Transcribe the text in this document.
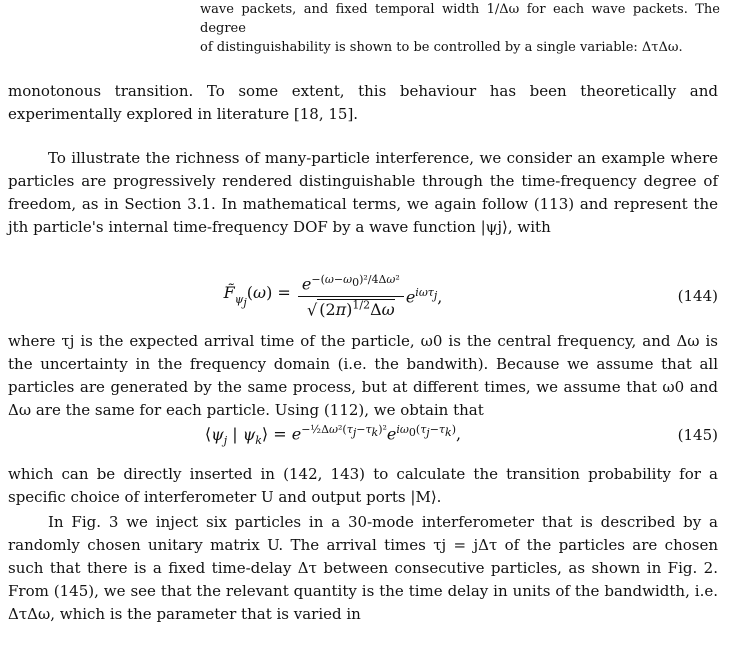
wave packets, and fixed temporal width 1/Δω for each wave packets. The degree
of distinguishability is shown to be controlled by a single variable: ΔτΔω.

monotonous transition. To some extent, this behaviour has been theoretically and experimentally explored in literature [18, 15].

To illustrate the richness of many-particle interference, we consider an example where particles are progressively rendered distinguishable through the time-frequency degree of freedom, as in Section 3.1. In mathematical terms, we again follow (113) and represent the jth particle's internal time-frequency DOF by a wave function |ψj⟩, with

$F̃_{\psi_j}(\omega) = \frac{e^{-(\omega-\omega_0)^2/4\Delta\omega^2}}{√ (2\pi)^{1/2}\Delta\omega} e^{i\omega\tau_j}$,	(144)

where τj is the expected arrival time of the particle, ω0 is the central frequency, and Δω is the uncertainty in the frequency domain (i.e. the bandwith). Because we assume that all particles are generated by the same process, but at different times, we assume that ω0 and Δω are the same for each particle. Using (112), we obtain that

$⟨\psi_j$ | $\psi_k⟩ = e^{-\frac{1}{2}\Delta\omega^2(\tau_j-\tau_k)^2}e^{i\omega_0(\tau_j-\tau_k)}$,	(145)

which can be directly inserted in (142, 143) to calculate the transition probability for a specific choice of interferometer U and output ports |M⟩.

In Fig. 3 we inject six particles in a 30-mode interferometer that is described by a randomly chosen unitary matrix U. The arrival times τj = jΔτ of the particles are chosen such that there is a fixed time-delay Δτ between consecutive particles, as shown in Fig. 2. From (145), we see that the relevant quantity is the time delay in units of the bandwidth, i.e. ΔτΔω, which is the parameter that is varied in
